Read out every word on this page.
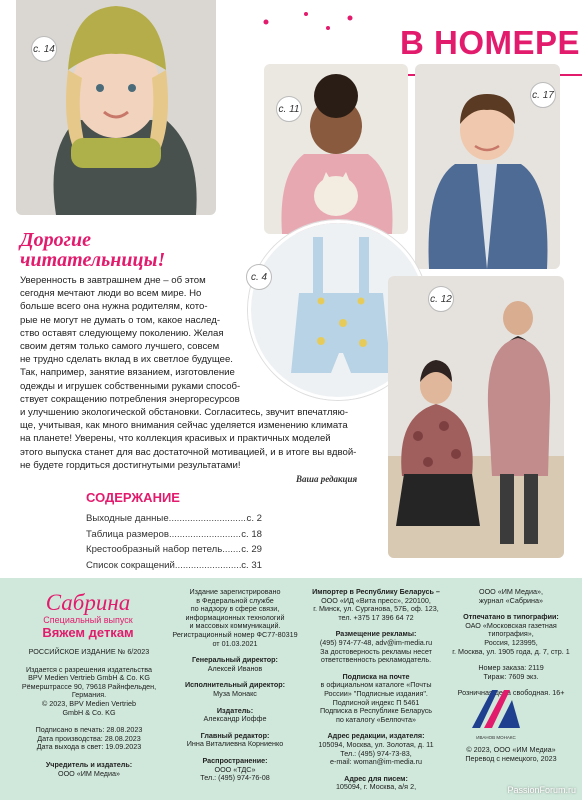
с. 14	В НОМЕРЕ
с. 11
с. 17
Дорогие
читательницы!
с. 4
Уверенность в завтрашнем дне – об этом
сегодня мечтают люди во всем мире. Но
больше всего она нужна родителям, кото-
рые не могут не думать о том, какое наслед-
ство оставят следующему поколению. Желая
своим детям только самого лучшего, совсем
не трудно сделать вклад в их светлое будущее.
Так, например, занятие вязанием, изготовление
одежды и игрушек собственными руками способ-
ствует сокращению потребления энергоресурсов
и улучшению экологической обстановки. Согласитесь, звучит впечатляю-
ще, учитывая, как много внимания сейчас уделяется изменению климата
на планете! Уверены, что коллекция красивых и практичных моделей
этого выпуска станет для вас достаточной мотивацией, и в итоге вы вдвой-
не будете гордиться достигнутыми результатами!
Ваша редакция
с. 12
СОДЕРЖАНИЕ
Выходные данные .....	с. 2
Таблица размеров .....	с. 18
Крестообразный набор петель ..... с. 29
Список сокращений .....	с. 31
Сабрина
Специальный выпуск
Вяжем деткам
РОССИЙСКОЕ ИЗДАНИЕ № 6/2023
Издается с разрешения издательства
BPV Medien Vertrieb GmbH & Co. KG
Рёмерштрассе 90, 79618 Райнфельден,
Германия.
© 2023, BPV Medien Vertrieb
GmbH & Co. KG
Подписано в печать: 28.08.2023
Дата производства: 28.08.2023
Дата выхода в свет: 19.09.2023
Учредитель и издатель:
ООО «ИМ Медиа»
Издание зарегистрировано
в Федеральной службе
по надзору в сфере связи,
информационных технологий
и массовых коммуникаций.
Регистрационный номер ФС77-80319
от 01.03.2021
Генеральный директор:
Алексей Иванов
Исполнительный директор:
Муза Монакс
Издатель:
Александр Иоффе
Главный редактор:
Инна Виталиевна Корниенко
Распространение:
ООО «ТДС»
Тел.: (495) 974-76-08
Импортер в Республику Беларусь –
ООО «ИД «Вита пресс», 220100,
г. Минск, ул. Сурганова, 57Б, оф. 123,
тел. +375 17 396 64 72
Размещение рекламы:
(495) 974-77-48, adv@im-media.ru
За достоверность рекламы несет
ответственность рекламодатель.
Подписка на почте
в официальном каталоге «Почты
России» "Подписные издания".
Подписной индекс П 5461
Подписка в Республике Беларусь
по каталогу «Белпочта»
Адрес редакции, издателя:
105094, Москва, ул. Золотая, д. 11
Тел.: (495) 974-73-83,
e-mail: woman@im-media.ru
Адрес для писем:
105094, г. Москва, а/я 2,
ООО «ИМ Медиа»,
журнал «Сабрина»
Отпечатано в типографии:
ОАО «Московская газетная
типография»,
Россия, 123995,
г. Москва, ул. 1905 года, д. 7, стр. 1
Номер заказа: 2119
Тираж: 7609 экз.
Розничная цена свободная. 16+
ИВАНОВ МОНАКС
© 2023, ООО «ИМ Медиа»
Перевод с немецкого, 2023
PassionForum.ru
